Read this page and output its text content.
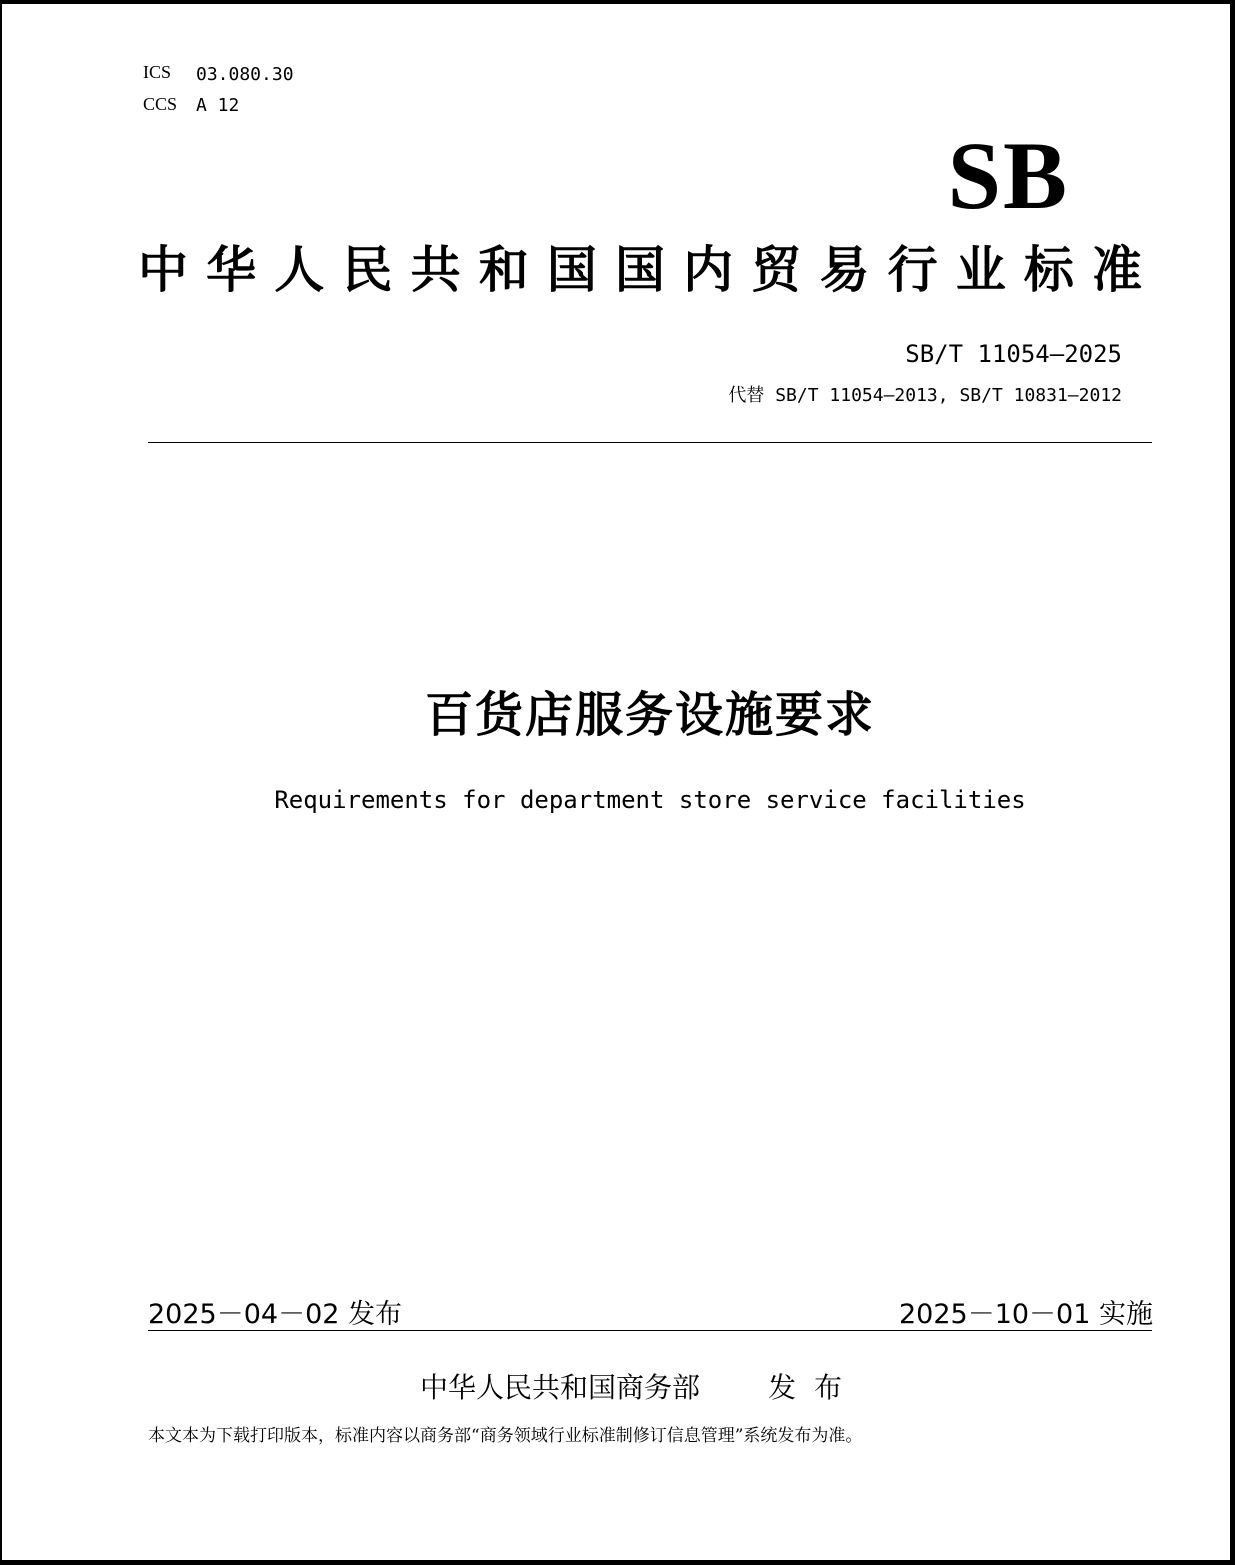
ICS 03.080.30
CCS A 12
SB
中华人民共和国国内贸易行业标准
SB/T 11054—2025
代替 SB/T 11054—2013, SB/T 10831—2012
百货店服务设施要求
Requirements for department store service facilities
2025－04－02 发布	2025－10－01 实施
中华人民共和国商务部 发布
本文本为下载打印版本，标准内容以商务部“商务领域行业标准制修订信息管理”系统发布为准。
